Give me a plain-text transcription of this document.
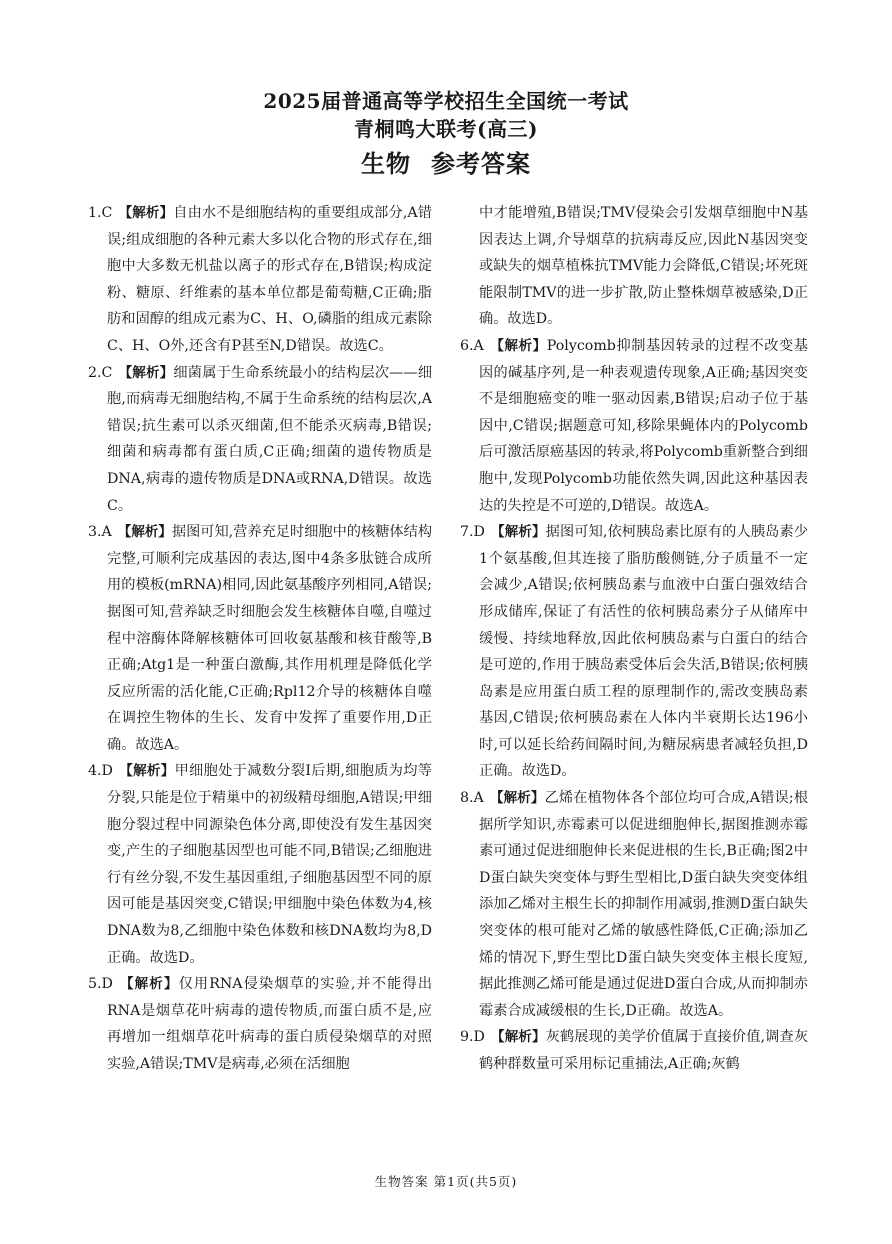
2025届普通高等学校招生全国统一考试
青桐鸣大联考(高三)
生物 参考答案
1.C 【解析】自由水不是细胞结构的重要组成部分,A错误;组成细胞的各种元素大多以化合物的形式存在,细胞中大多数无机盐以离子的形式存在,B错误;构成淀粉、糖原、纤维素的基本单位都是葡萄糖,C正确;脂肪和固醇的组成元素为C、H、O,磷脂的组成元素除C、H、O外,还含有P甚至N,D错误。故选C。
2.C 【解析】细菌属于生命系统最小的结构层次——细胞,而病毒无细胞结构,不属于生命系统的结构层次,A错误;抗生素可以杀灭细菌,但不能杀灭病毒,B错误;细菌和病毒都有蛋白质,C正确;细菌的遗传物质是DNA,病毒的遗传物质是DNA或RNA,D错误。故选C。
3.A 【解析】据图可知,营养充足时细胞中的核糖体结构完整,可顺利完成基因的表达,图中4条多肽链合成所用的模板(mRNA)相同,因此氨基酸序列相同,A错误;据图可知,营养缺乏时细胞会发生核糖体自噬,自噬过程中溶酶体降解核糖体可回收氨基酸和核苷酸等,B正确;Atg1是一种蛋白激酶,其作用机理是降低化学反应所需的活化能,C正确;Rpl12介导的核糖体自噬在调控生物体的生长、发育中发挥了重要作用,D正确。故选A。
4.D 【解析】甲细胞处于减数分裂Ⅰ后期,细胞质为均等分裂,只能是位于精巢中的初级精母细胞,A错误;甲细胞分裂过程中同源染色体分离,即使没有发生基因突变,产生的子细胞基因型也可能不同,B错误;乙细胞进行有丝分裂,不发生基因重组,子细胞基因型不同的原因可能是基因突变,C错误;甲细胞中染色体数为4,核DNA数为8,乙细胞中染色体数和核DNA数均为8,D正确。故选D。
5.D 【解析】仅用RNA侵染烟草的实验,并不能得出RNA是烟草花叶病毒的遗传物质,而蛋白质不是,应再增加一组烟草花叶病毒的蛋白质侵染烟草的对照实验,A错误;TMV是病毒,必须在活细胞
中才能增殖,B错误;TMV侵染会引发烟草细胞中N基因表达上调,介导烟草的抗病毒反应,因此N基因突变或缺失的烟草植株抗TMV能力会降低,C错误;坏死斑能限制TMV的进一步扩散,防止整株烟草被感染,D正确。故选D。
6.A 【解析】Polycomb抑制基因转录的过程不改变基因的碱基序列,是一种表观遗传现象,A正确;基因突变不是细胞癌变的唯一驱动因素,B错误;启动子位于基因中,C错误;据题意可知,移除果蝇体内的Polycomb后可激活原癌基因的转录,将Polycomb重新整合到细胞中,发现Polycomb功能依然失调,因此这种基因表达的失控是不可逆的,D错误。故选A。
7.D 【解析】据图可知,依柯胰岛素比原有的人胰岛素少1个氨基酸,但其连接了脂肪酸侧链,分子质量不一定会减少,A错误;依柯胰岛素与血液中白蛋白强效结合形成储库,保证了有活性的依柯胰岛素分子从储库中缓慢、持续地释放,因此依柯胰岛素与白蛋白的结合是可逆的,作用于胰岛素受体后会失活,B错误;依柯胰岛素是应用蛋白质工程的原理制作的,需改变胰岛素基因,C错误;依柯胰岛素在人体内半衰期长达196小时,可以延长给药间隔时间,为糖尿病患者减轻负担,D正确。故选D。
8.A 【解析】乙烯在植物体各个部位均可合成,A错误;根据所学知识,赤霉素可以促进细胞伸长,据图推测赤霉素可通过促进细胞伸长来促进根的生长,B正确;图2中D蛋白缺失突变体与野生型相比,D蛋白缺失突变体组添加乙烯对主根生长的抑制作用减弱,推测D蛋白缺失突变体的根可能对乙烯的敏感性降低,C正确;添加乙烯的情况下,野生型比D蛋白缺失突变体主根长度短,据此推测乙烯可能是通过促进D蛋白合成,从而抑制赤霉素合成减缓根的生长,D正确。故选A。
9.D 【解析】灰鹤展现的美学价值属于直接价值,调查灰鹤种群数量可采用标记重捕法,A正确;灰鹤
生物答案 第1页(共5页)
